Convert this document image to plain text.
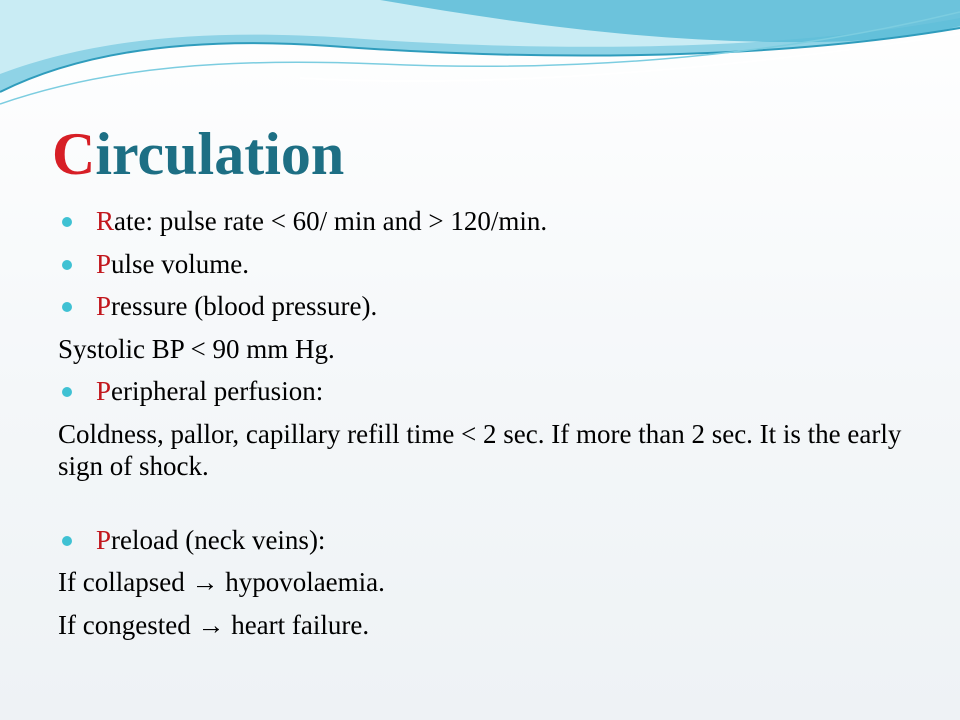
Circulation
Rate: pulse rate < 60/ min and > 120/min.
Pulse volume.
Pressure (blood pressure).
Systolic BP < 90 mm Hg.
Peripheral perfusion:
Coldness, pallor, capillary refill time < 2 sec. If more than 2 sec. It is the early sign of shock.
Preload (neck veins):
If collapsed → hypovolaemia.
If congested → heart failure.
